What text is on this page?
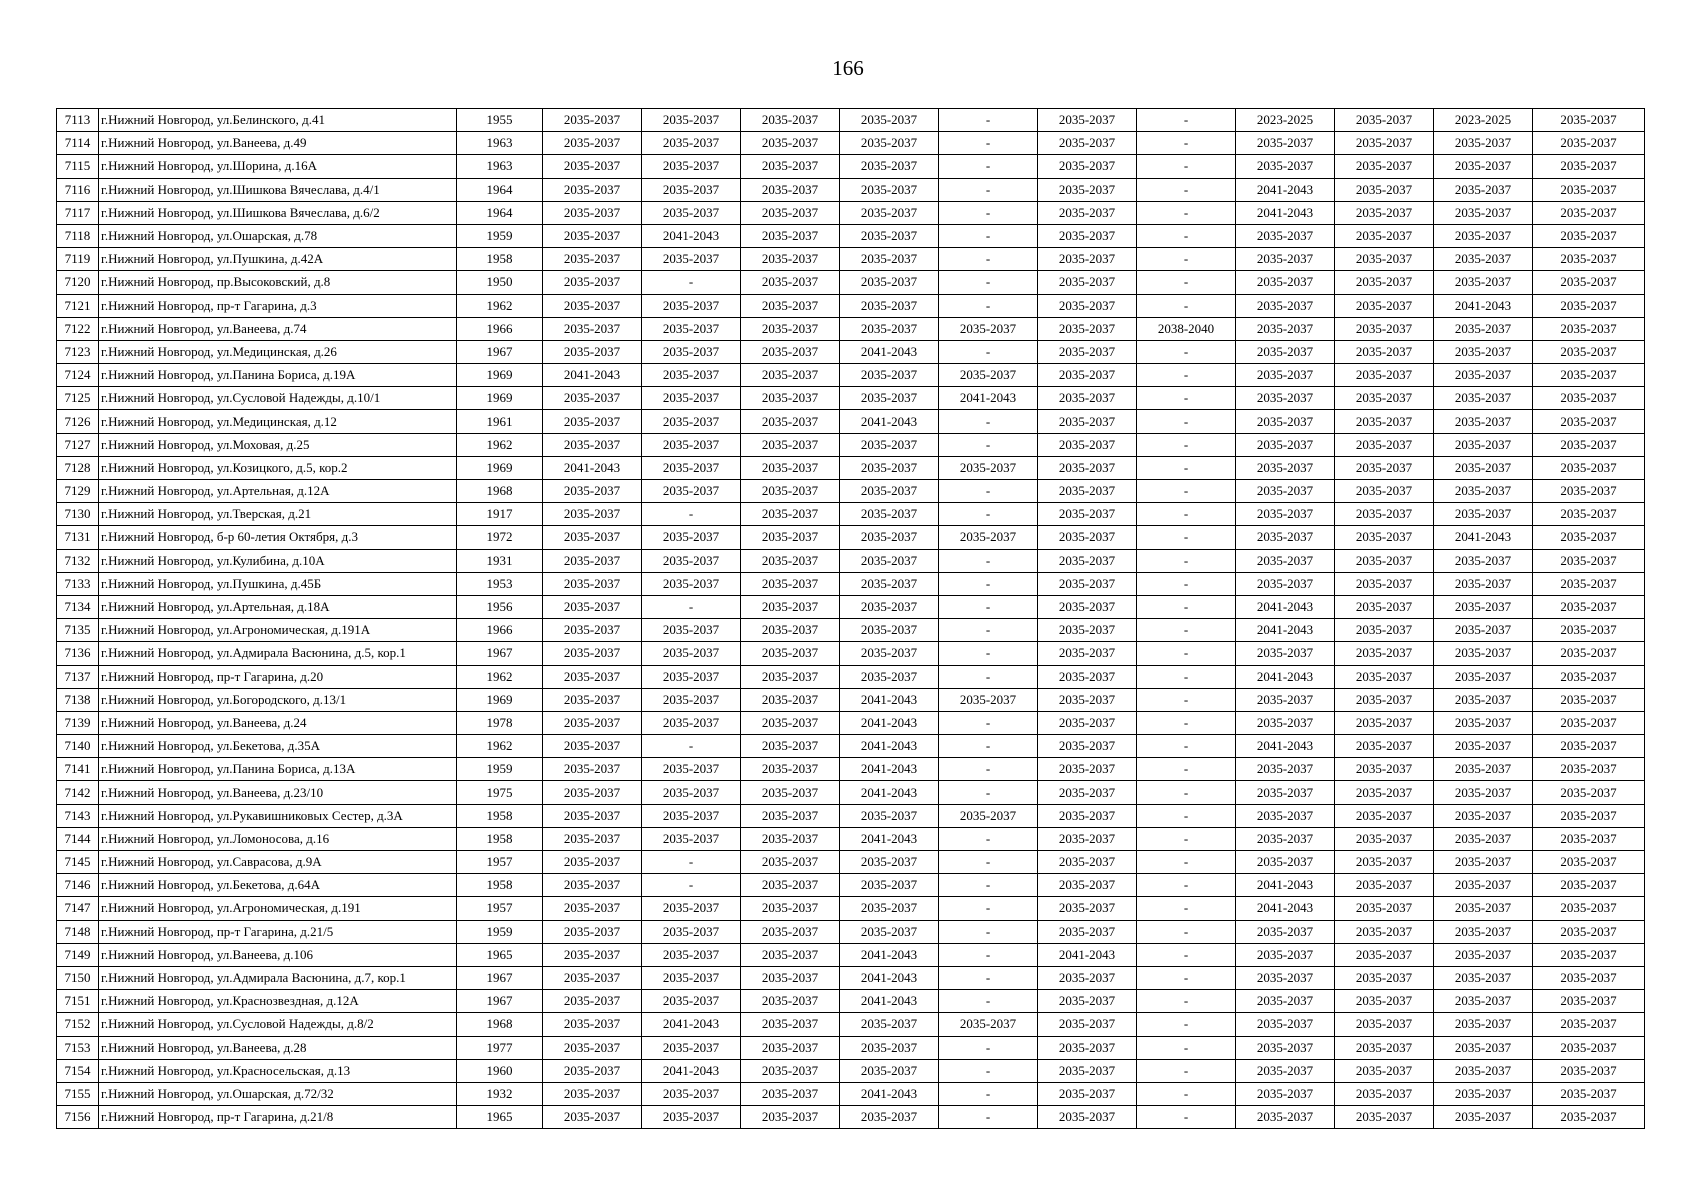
166
7113	г.Нижний Новгород, ул.Белинского, д.41	1955	2035-2037	2035-2037	2035-2037	2035-2037	-	2035-2037	-	2023-2025	2035-2037	2023-2025	2035-2037
7114	г.Нижний Новгород, ул.Ванеева, д.49	1963	2035-2037	2035-2037	2035-2037	2035-2037	-	2035-2037	-	2035-2037	2035-2037	2035-2037	2035-2037
7115	г.Нижний Новгород, ул.Шорина, д.16А	1963	2035-2037	2035-2037	2035-2037	2035-2037	-	2035-2037	-	2035-2037	2035-2037	2035-2037	2035-2037
7116	г.Нижний Новгород, ул.Шишкова Вячеслава, д.4/1	1964	2035-2037	2035-2037	2035-2037	2035-2037	-	2035-2037	-	2041-2043	2035-2037	2035-2037	2035-2037
7117	г.Нижний Новгород, ул.Шишкова Вячеслава, д.6/2	1964	2035-2037	2035-2037	2035-2037	2035-2037	-	2035-2037	-	2041-2043	2035-2037	2035-2037	2035-2037
7118	г.Нижний Новгород, ул.Ошарская, д.78	1959	2035-2037	2041-2043	2035-2037	2035-2037	-	2035-2037	-	2035-2037	2035-2037	2035-2037	2035-2037
7119	г.Нижний Новгород, ул.Пушкина, д.42А	1958	2035-2037	2035-2037	2035-2037	2035-2037	-	2035-2037	-	2035-2037	2035-2037	2035-2037	2035-2037
7120	г.Нижний Новгород, пр.Высоковский, д.8	1950	2035-2037	-	2035-2037	2035-2037	-	2035-2037	-	2035-2037	2035-2037	2035-2037	2035-2037
7121	г.Нижний Новгород, пр-т Гагарина, д.3	1962	2035-2037	2035-2037	2035-2037	2035-2037	-	2035-2037	-	2035-2037	2035-2037	2041-2043	2035-2037
7122	г.Нижний Новгород, ул.Ванеева, д.74	1966	2035-2037	2035-2037	2035-2037	2035-2037	2035-2037	2035-2037	2038-2040	2035-2037	2035-2037	2035-2037	2035-2037
7123	г.Нижний Новгород, ул.Медицинская, д.26	1967	2035-2037	2035-2037	2035-2037	2041-2043	-	2035-2037	-	2035-2037	2035-2037	2035-2037	2035-2037
7124	г.Нижний Новгород, ул.Панина Бориса, д.19А	1969	2041-2043	2035-2037	2035-2037	2035-2037	2035-2037	2035-2037	-	2035-2037	2035-2037	2035-2037	2035-2037
7125	г.Нижний Новгород, ул.Сусловой Надежды, д.10/1	1969	2035-2037	2035-2037	2035-2037	2035-2037	2041-2043	2035-2037	-	2035-2037	2035-2037	2035-2037	2035-2037
7126	г.Нижний Новгород, ул.Медицинская, д.12	1961	2035-2037	2035-2037	2035-2037	2041-2043	-	2035-2037	-	2035-2037	2035-2037	2035-2037	2035-2037
7127	г.Нижний Новгород, ул.Моховая, д.25	1962	2035-2037	2035-2037	2035-2037	2035-2037	-	2035-2037	-	2035-2037	2035-2037	2035-2037	2035-2037
7128	г.Нижний Новгород, ул.Козицкого, д.5, кор.2	1969	2041-2043	2035-2037	2035-2037	2035-2037	2035-2037	2035-2037	-	2035-2037	2035-2037	2035-2037	2035-2037
7129	г.Нижний Новгород, ул.Артельная, д.12А	1968	2035-2037	2035-2037	2035-2037	2035-2037	-	2035-2037	-	2035-2037	2035-2037	2035-2037	2035-2037
7130	г.Нижний Новгород, ул.Тверская, д.21	1917	2035-2037	-	2035-2037	2035-2037	-	2035-2037	-	2035-2037	2035-2037	2035-2037	2035-2037
7131	г.Нижний Новгород, б-р 60-летия Октября, д.3	1972	2035-2037	2035-2037	2035-2037	2035-2037	2035-2037	2035-2037	-	2035-2037	2035-2037	2041-2043	2035-2037
7132	г.Нижний Новгород, ул.Кулибина, д.10А	1931	2035-2037	2035-2037	2035-2037	2035-2037	-	2035-2037	-	2035-2037	2035-2037	2035-2037	2035-2037
7133	г.Нижний Новгород, ул.Пушкина, д.45Б	1953	2035-2037	2035-2037	2035-2037	2035-2037	-	2035-2037	-	2035-2037	2035-2037	2035-2037	2035-2037
7134	г.Нижний Новгород, ул.Артельная, д.18А	1956	2035-2037	-	2035-2037	2035-2037	-	2035-2037	-	2041-2043	2035-2037	2035-2037	2035-2037
7135	г.Нижний Новгород, ул.Агрономическая, д.191А	1966	2035-2037	2035-2037	2035-2037	2035-2037	-	2035-2037	-	2041-2043	2035-2037	2035-2037	2035-2037
7136	г.Нижний Новгород, ул.Адмирала Васюнина, д.5, кор.1	1967	2035-2037	2035-2037	2035-2037	2035-2037	-	2035-2037	-	2035-2037	2035-2037	2035-2037	2035-2037
7137	г.Нижний Новгород, пр-т Гагарина, д.20	1962	2035-2037	2035-2037	2035-2037	2035-2037	-	2035-2037	-	2041-2043	2035-2037	2035-2037	2035-2037
7138	г.Нижний Новгород, ул.Богородского, д.13/1	1969	2035-2037	2035-2037	2035-2037	2041-2043	2035-2037	2035-2037	-	2035-2037	2035-2037	2035-2037	2035-2037
7139	г.Нижний Новгород, ул.Ванеева, д.24	1978	2035-2037	2035-2037	2035-2037	2041-2043	-	2035-2037	-	2035-2037	2035-2037	2035-2037	2035-2037
7140	г.Нижний Новгород, ул.Бекетова, д.35А	1962	2035-2037	-	2035-2037	2041-2043	-	2035-2037	-	2041-2043	2035-2037	2035-2037	2035-2037
7141	г.Нижний Новгород, ул.Панина Бориса, д.13А	1959	2035-2037	2035-2037	2035-2037	2041-2043	-	2035-2037	-	2035-2037	2035-2037	2035-2037	2035-2037
7142	г.Нижний Новгород, ул.Ванеева, д.23/10	1975	2035-2037	2035-2037	2035-2037	2041-2043	-	2035-2037	-	2035-2037	2035-2037	2035-2037	2035-2037
7143	г.Нижний Новгород, ул.Рукавишниковых Сестер, д.3А	1958	2035-2037	2035-2037	2035-2037	2035-2037	2035-2037	2035-2037	-	2035-2037	2035-2037	2035-2037	2035-2037
7144	г.Нижний Новгород, ул.Ломоносова, д.16	1958	2035-2037	2035-2037	2035-2037	2041-2043	-	2035-2037	-	2035-2037	2035-2037	2035-2037	2035-2037
7145	г.Нижний Новгород, ул.Саврасова, д.9А	1957	2035-2037	-	2035-2037	2035-2037	-	2035-2037	-	2035-2037	2035-2037	2035-2037	2035-2037
7146	г.Нижний Новгород, ул.Бекетова, д.64А	1958	2035-2037	-	2035-2037	2035-2037	-	2035-2037	-	2041-2043	2035-2037	2035-2037	2035-2037
7147	г.Нижний Новгород, ул.Агрономическая, д.191	1957	2035-2037	2035-2037	2035-2037	2035-2037	-	2035-2037	-	2041-2043	2035-2037	2035-2037	2035-2037
7148	г.Нижний Новгород, пр-т Гагарина, д.21/5	1959	2035-2037	2035-2037	2035-2037	2035-2037	-	2035-2037	-	2035-2037	2035-2037	2035-2037	2035-2037
7149	г.Нижний Новгород, ул.Ванеева, д.106	1965	2035-2037	2035-2037	2035-2037	2041-2043	-	2041-2043	-	2035-2037	2035-2037	2035-2037	2035-2037
7150	г.Нижний Новгород, ул.Адмирала Васюнина, д.7, кор.1	1967	2035-2037	2035-2037	2035-2037	2041-2043	-	2035-2037	-	2035-2037	2035-2037	2035-2037	2035-2037
7151	г.Нижний Новгород, ул.Краснозвездная, д.12А	1967	2035-2037	2035-2037	2035-2037	2041-2043	-	2035-2037	-	2035-2037	2035-2037	2035-2037	2035-2037
7152	г.Нижний Новгород, ул.Сусловой Надежды, д.8/2	1968	2035-2037	2041-2043	2035-2037	2035-2037	2035-2037	2035-2037	-	2035-2037	2035-2037	2035-2037	2035-2037
7153	г.Нижний Новгород, ул.Ванеева, д.28	1977	2035-2037	2035-2037	2035-2037	2035-2037	-	2035-2037	-	2035-2037	2035-2037	2035-2037	2035-2037
7154	г.Нижний Новгород, ул.Красносельская, д.13	1960	2035-2037	2041-2043	2035-2037	2035-2037	-	2035-2037	-	2035-2037	2035-2037	2035-2037	2035-2037
7155	г.Нижний Новгород, ул.Ошарская, д.72/32	1932	2035-2037	2035-2037	2035-2037	2041-2043	-	2035-2037	-	2035-2037	2035-2037	2035-2037	2035-2037
7156	г.Нижний Новгород, пр-т Гагарина, д.21/8	1965	2035-2037	2035-2037	2035-2037	2035-2037	-	2035-2037	-	2035-2037	2035-2037	2035-2037	2035-2037
